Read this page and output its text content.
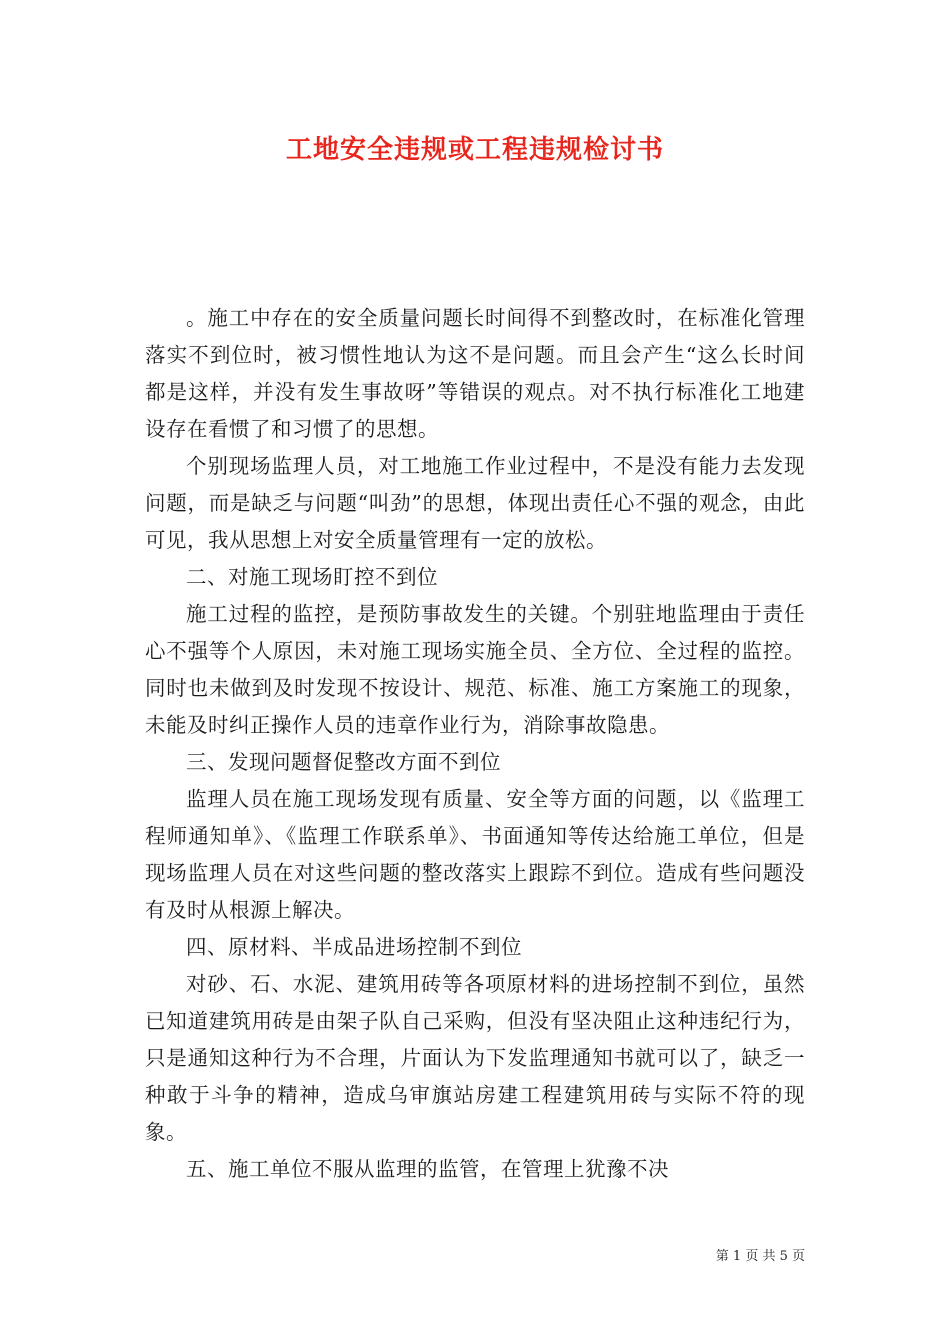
工地安全违规或工程违规检讨书

。施工中存在的安全质量问题长时间得不到整改时，在标准化管理落实不到位时，被习惯性地认为这不是问题。而且会产生“这么长时间都是这样，并没有发生事故呀”等错误的观点。对不执行标准化工地建设存在看惯了和习惯了的思想。

个别现场监理人员，对工地施工作业过程中，不是没有能力去发现问题，而是缺乏与问题“叫劲”的思想，体现出责任心不强的观念，由此可见，我从思想上对安全质量管理有一定的放松。

二、对施工现场盯控不到位

施工过程的监控，是预防事故发生的关键。个别驻地监理由于责任心不强等个人原因，未对施工现场实施全员、全方位、全过程的监控。同时也未做到及时发现不按设计、规范、标准、施工方案施工的现象，未能及时纠正操作人员的违章作业行为，消除事故隐患。

三、发现问题督促整改方面不到位

监理人员在施工现场发现有质量、安全等方面的问题，以《监理工程师通知单》、《监理工作联系单》、书面通知等传达给施工单位，但是现场监理人员在对这些问题的整改落实上跟踪不到位。造成有些问题没有及时从根源上解决。

四、原材料、半成品进场控制不到位

对砂、石、水泥、建筑用砖等各项原材料的进场控制不到位，虽然已知道建筑用砖是由架子队自己采购，但没有坚决阻止这种违纪行为，只是通知这种行为不合理，片面认为下发监理通知书就可以了，缺乏一种敢于斗争的精神，造成乌审旗站房建工程建筑用砖与实际不符的现象。

五、施工单位不服从监理的监管，在管理上犹豫不决

第 1 页 共 5 页
